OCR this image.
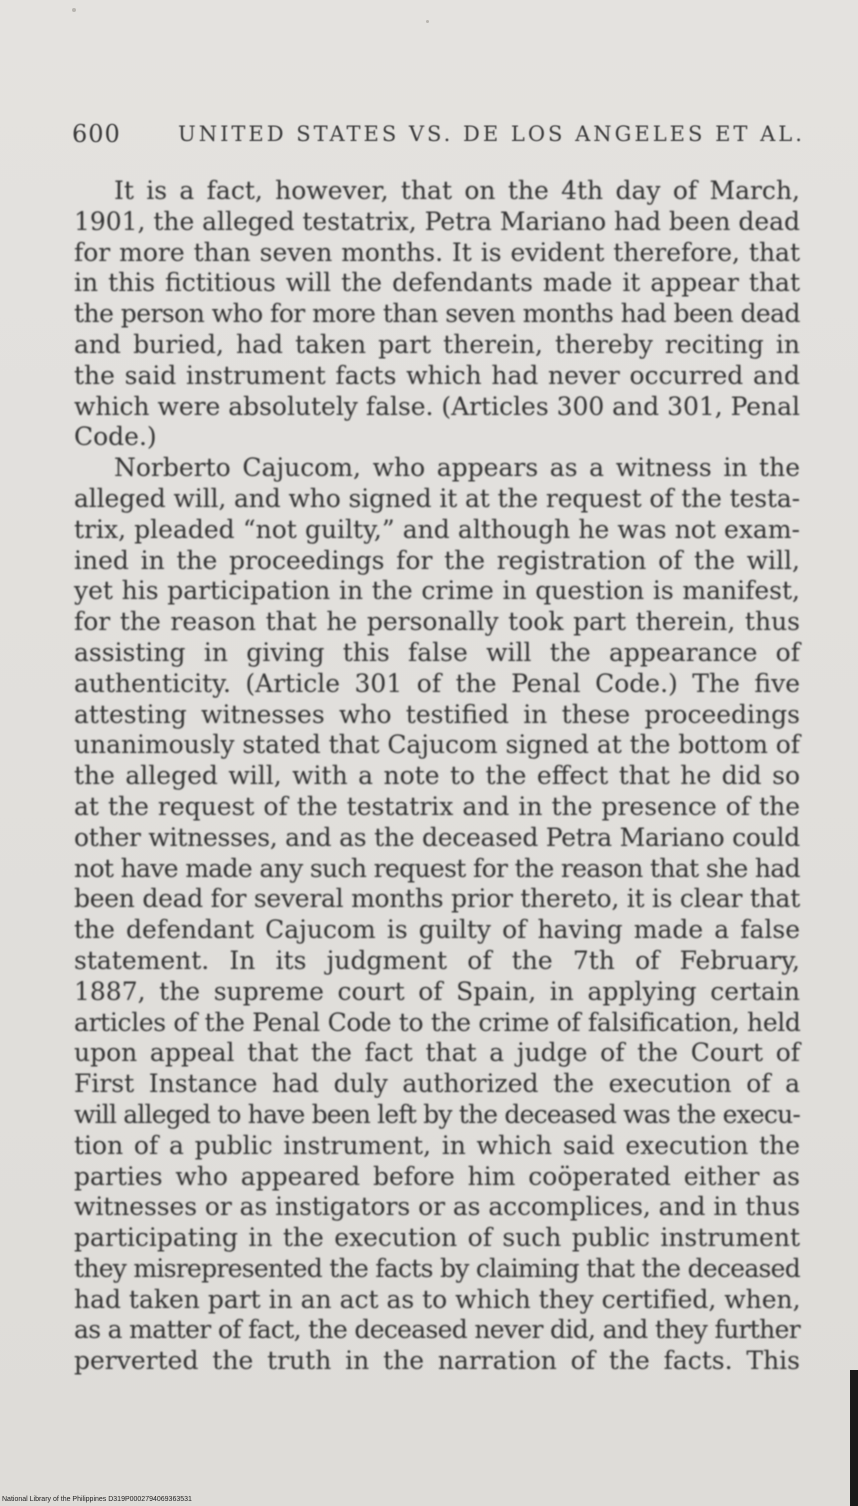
600	UNITED STATES VS. DE LOS ANGELES ET AL.

It is a fact, however, that on the 4th day of March,
1901, the alleged testatrix, Petra Mariano had been dead
for more than seven months. It is evident therefore, that
in this fictitious will the defendants made it appear that
the person who for more than seven months had been dead
and buried, had taken part therein, thereby reciting in
the said instrument facts which had never occurred and
which were absolutely false. (Articles 300 and 301, Penal
Code.)

Norberto Cajucom, who appears as a witness in the
alleged will, and who signed it at the request of the testa-
trix, pleaded “not guilty,” and although he was not exam-
ined in the proceedings for the registration of the will,
yet his participation in the crime in question is manifest,
for the reason that he personally took part therein, thus
assisting in giving this false will the appearance of
authenticity. (Article 301 of the Penal Code.) The five
attesting witnesses who testified in these proceedings
unanimously stated that Cajucom signed at the bottom of
the alleged will, with a note to the effect that he did so
at the request of the testatrix and in the presence of the
other witnesses, and as the deceased Petra Mariano could
not have made any such request for the reason that she had
been dead for several months prior thereto, it is clear that
the defendant Cajucom is guilty of having made a false
statement. In its judgment of the 7th of February,
1887, the supreme court of Spain, in applying certain
articles of the Penal Code to the crime of falsification, held
upon appeal that the fact that a judge of the Court of
First Instance had duly authorized the execution of a
will alleged to have been left by the deceased was the execu-
tion of a public instrument, in which said execution the
parties who appeared before him coöperated either as
witnesses or as instigators or as accomplices, and in thus
participating in the execution of such public instrument
they misrepresented the facts by claiming that the deceased
had taken part in an act as to which they certified, when,
as a matter of fact, the deceased never did, and they further
perverted the truth in the narration of the facts. This

National Library of the Philippines D319P0002794069363531
